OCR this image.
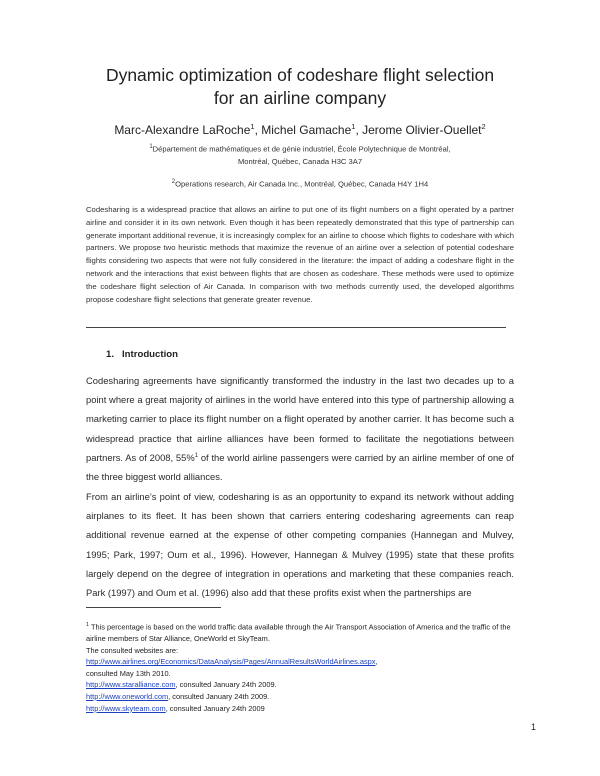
Dynamic optimization of codeshare flight selection
for an airline company
Marc-Alexandre LaRoche$^1$, Michel Gamache$^1$, Jerome Olivier-Ouellet$^2$
$^1$Département de mathématiques et de génie industriel, École Polytechnique de Montréal,
Montréal, Québec, Canada H3C 3A7
$^2$Operations research, Air Canada Inc., Montréal, Québec, Canada H4Y 1H4
Codesharing is a widespread practice that allows an airline to put one of its flight numbers on a flight operated by a partner airline and consider it in its own network. Even though it has been repeatedly demonstrated that this type of partnership can generate important additional revenue, it is increasingly complex for an airline to choose which flights to codeshare with which partners. We propose two heuristic methods that maximize the revenue of an airline over a selection of potential codeshare flights considering two aspects that were not fully considered in the literature: the impact of adding a codeshare flight in the network and the interactions that exist between flights that are chosen as codeshare. These methods were used to optimize the codeshare flight selection of Air Canada. In comparison with two methods currently used, the developed algorithms propose codeshare flight selections that generate greater revenue.
1. Introduction
Codesharing agreements have significantly transformed the industry in the last two decades up to a point where a great majority of airlines in the world have entered into this type of partnership allowing a marketing carrier to place its flight number on a flight operated by another carrier. It has become such a widespread practice that airline alliances have been formed to facilitate the negotiations between partners. As of 2008, 55%$^1$ of the world airline passengers were carried by an airline member of one of the three biggest world alliances.
From an airline’s point of view, codesharing is as an opportunity to expand its network without adding airplanes to its fleet. It has been shown that carriers entering codesharing agreements can reap additional revenue earned at the expense of other competing companies (Hannegan and Mulvey, 1995; Park, 1997; Oum et al., 1996). However, Hannegan & Mulvey (1995) state that these profits largely depend on the degree of integration in operations and marketing that these companies reach. Park (1997) and Oum et al. (1996) also add that these profits exist when the partnerships are
$^1$ This percentage is based on the world traffic data available through the Air Transport Association of America and the traffic of the airline members of Star Alliance, OneWorld et SkyTeam.
The consulted websites are:
http://www.airlines.org/Economics/DataAnalysis/Pages/AnnualResultsWorldAirlines.aspx,
consulted May 13th 2010.
http://www.staralliance.com, consulted January 24th 2009.
http://www.oneworld.com, consulted January 24th 2009.
http://www.skyteam.com, consulted January 24th 2009
1
